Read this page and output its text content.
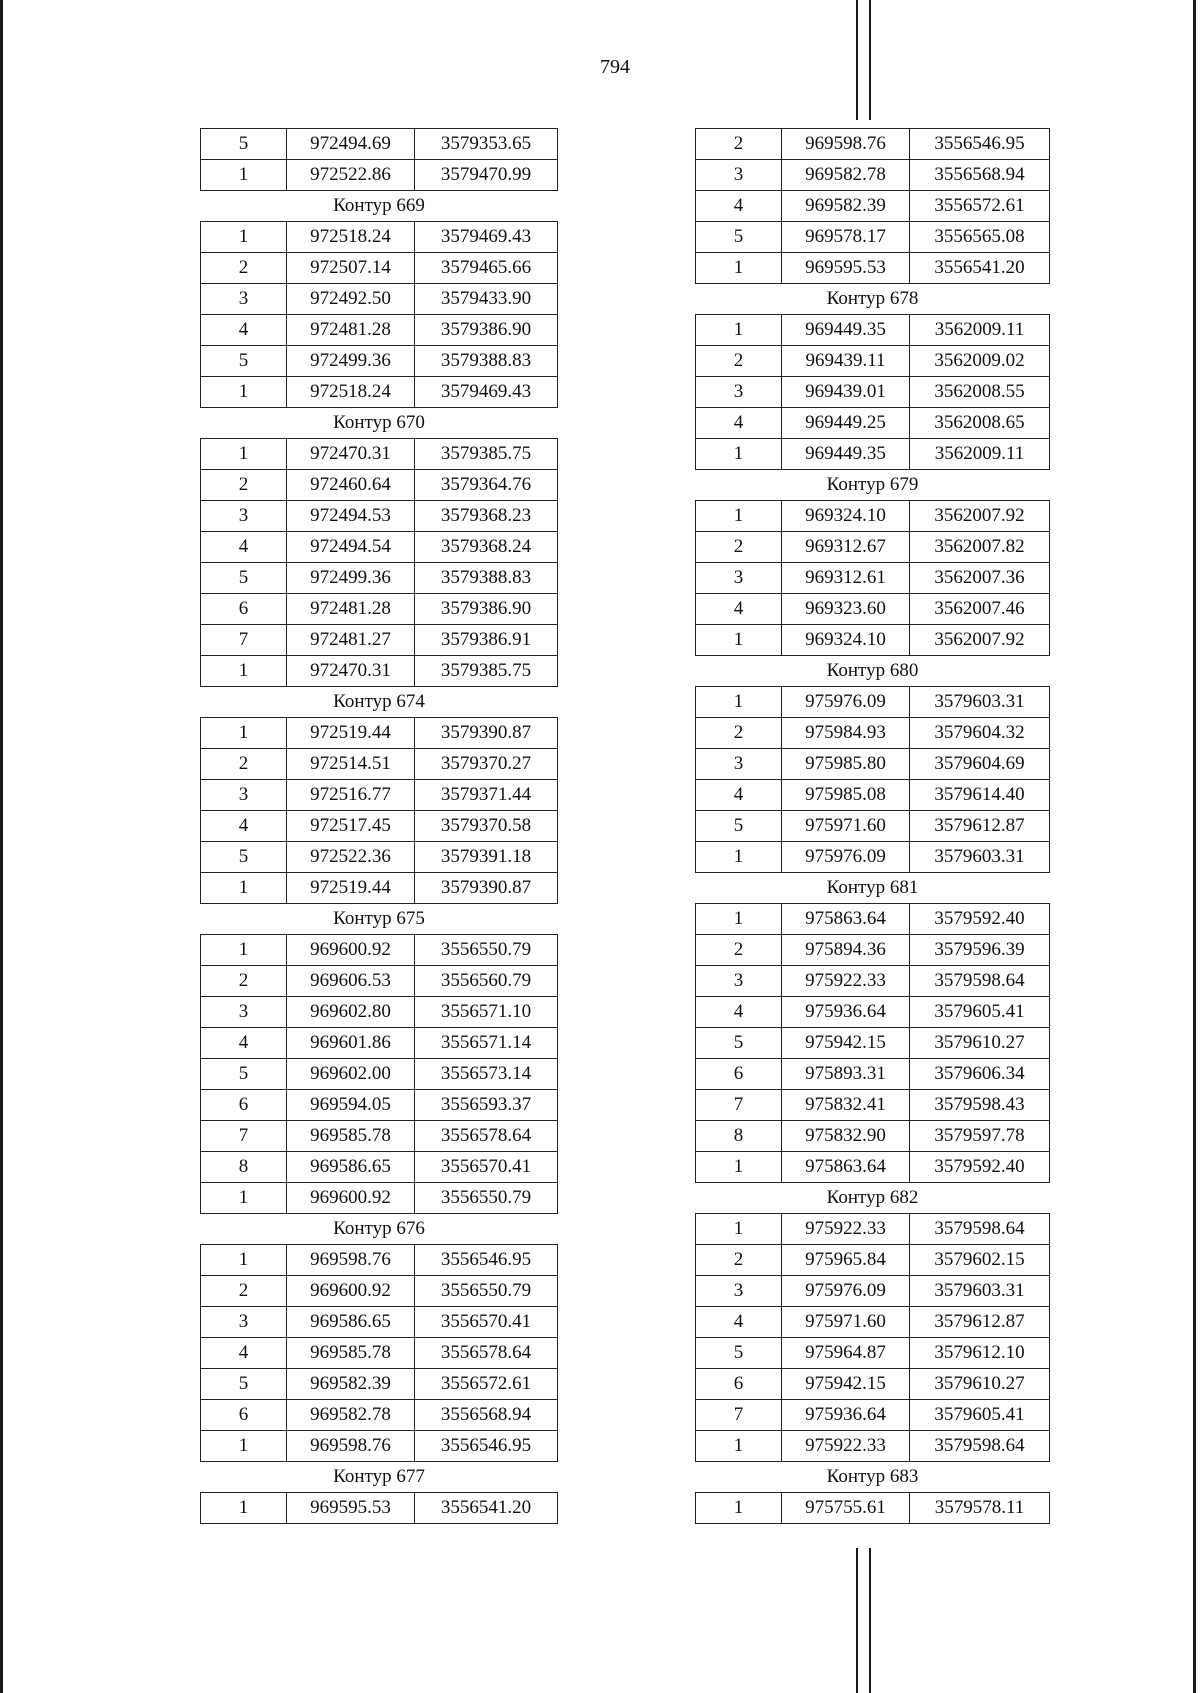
794
5	972494.69	3579353.65
1	972522.86	3579470.99
Контур 669		
1	972518.24	3579469.43
2	972507.14	3579465.66
3	972492.50	3579433.90
4	972481.28	3579386.90
5	972499.36	3579388.83
1	972518.24	3579469.43
Контур 670		
1	972470.31	3579385.75
2	972460.64	3579364.76
3	972494.53	3579368.23
4	972494.54	3579368.24
5	972499.36	3579388.83
6	972481.28	3579386.90
7	972481.27	3579386.91
1	972470.31	3579385.75
Контур 674		
1	972519.44	3579390.87
2	972514.51	3579370.27
3	972516.77	3579371.44
4	972517.45	3579370.58
5	972522.36	3579391.18
1	972519.44	3579390.87
Контур 675		
1	969600.92	3556550.79
2	969606.53	3556560.79
3	969602.80	3556571.10
4	969601.86	3556571.14
5	969602.00	3556573.14
6	969594.05	3556593.37
7	969585.78	3556578.64
8	969586.65	3556570.41
1	969600.92	3556550.79
Контур 676		
1	969598.76	3556546.95
2	969600.92	3556550.79
3	969586.65	3556570.41
4	969585.78	3556578.64
5	969582.39	3556572.61
6	969582.78	3556568.94
1	969598.76	3556546.95
Контур 677		
1	969595.53	3556541.20
2	969598.76	3556546.95
3	969582.78	3556568.94
4	969582.39	3556572.61
5	969578.17	3556565.08
1	969595.53	3556541.20
Контур 678		
1	969449.35	3562009.11
2	969439.11	3562009.02
3	969439.01	3562008.55
4	969449.25	3562008.65
1	969449.35	3562009.11
Контур 679		
1	969324.10	3562007.92
2	969312.67	3562007.82
3	969312.61	3562007.36
4	969323.60	3562007.46
1	969324.10	3562007.92
Контур 680		
1	975976.09	3579603.31
2	975984.93	3579604.32
3	975985.80	3579604.69
4	975985.08	3579614.40
5	975971.60	3579612.87
1	975976.09	3579603.31
Контур 681		
1	975863.64	3579592.40
2	975894.36	3579596.39
3	975922.33	3579598.64
4	975936.64	3579605.41
5	975942.15	3579610.27
6	975893.31	3579606.34
7	975832.41	3579598.43
8	975832.90	3579597.78
1	975863.64	3579592.40
Контур 682		
1	975922.33	3579598.64
2	975965.84	3579602.15
3	975976.09	3579603.31
4	975971.60	3579612.87
5	975964.87	3579612.10
6	975942.15	3579610.27
7	975936.64	3579605.41
1	975922.33	3579598.64
Контур 683		
1	975755.61	3579578.11
